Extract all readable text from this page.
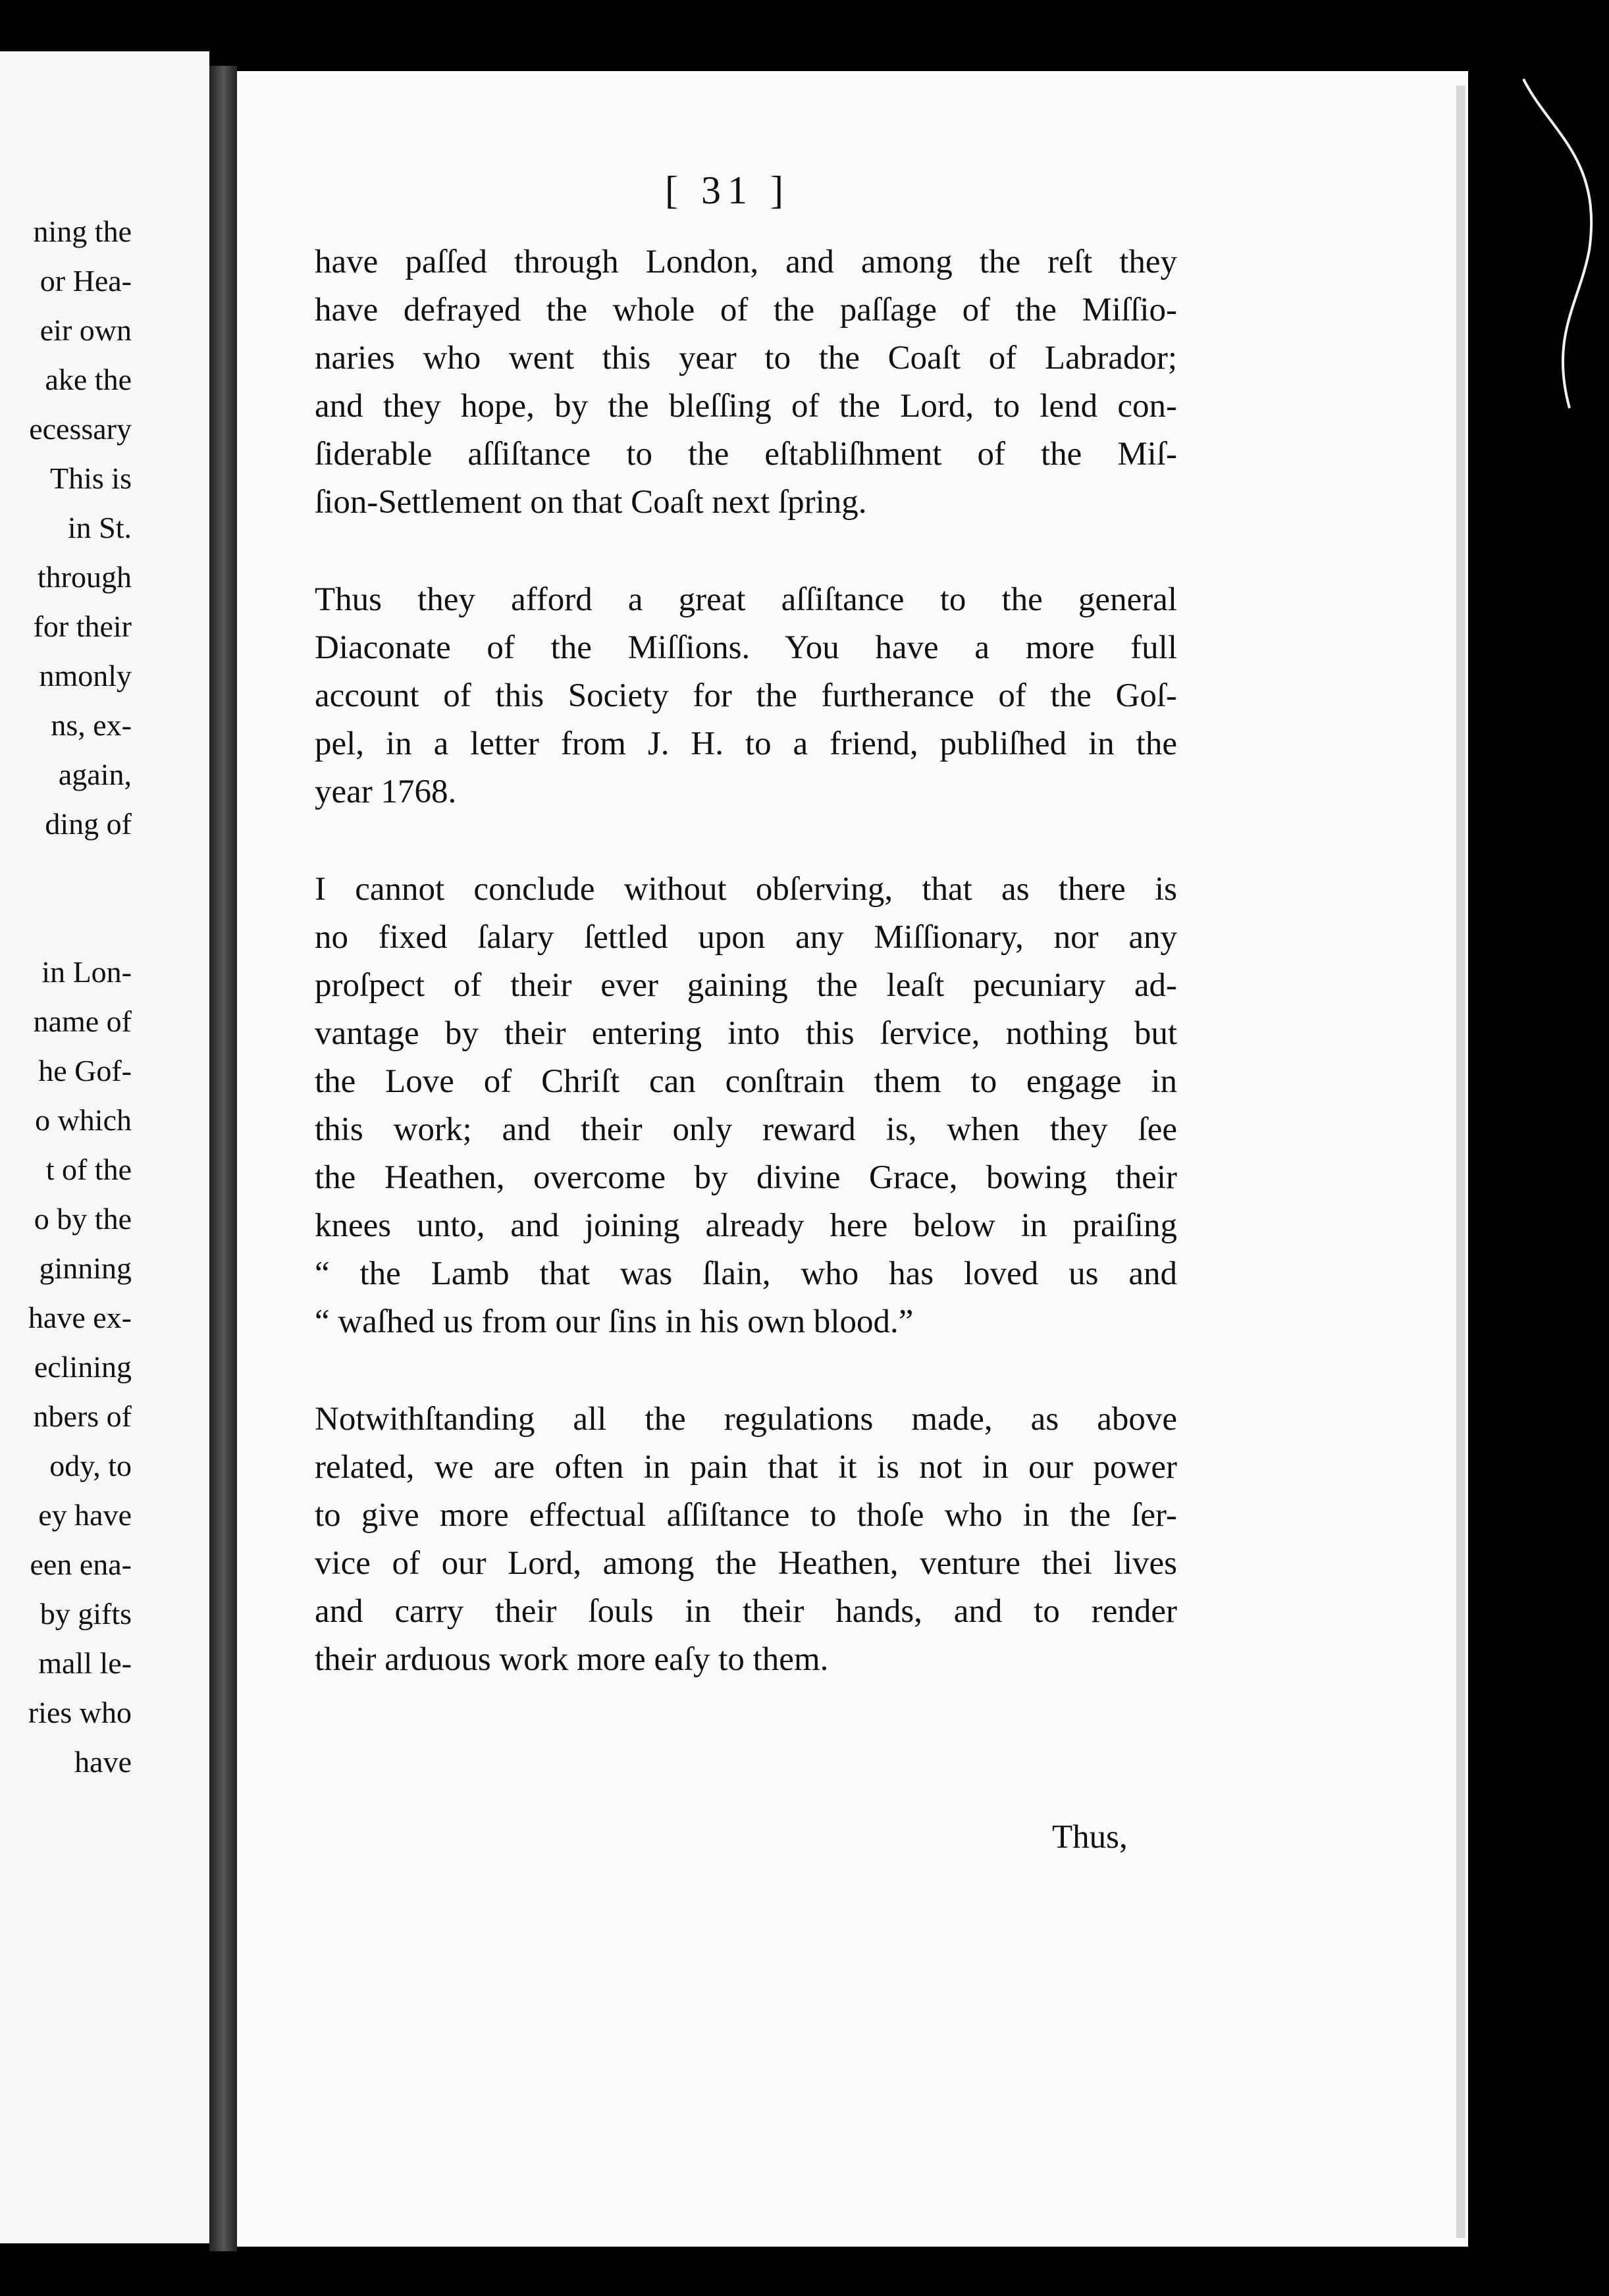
ning the
or Hea-
eir own
ake the
ecessary
This is
in St.
through
for their
nmonly
ns, ex-
again,
ding of
in Lon-
name of
he Gof-
o which
t of the
o by the
ginning
have ex-
eclining
nbers of
ody, to
ey have
een ena-
by gifts
mall le-
ries who
have
[ 31 ]
have paſſed through London, and among the reſt they
have defrayed the whole of the paſſage of the Miſſio-
naries who went this year to the Coaſt of Labrador;
and they hope, by the bleſſing of the Lord, to lend con-
ſiderable aſſiſtance to the eſtabliſhment of the Miſ-
ſion-Settlement on that Coaſt next ſpring.
Thus they afford a great aſſiſtance to the general
Diaconate of the Miſſions. You have a more full
account of this Society for the furtherance of the Goſ-
pel, in a letter from J. H. to a friend, publiſhed in the
year 1768.
I cannot conclude without obſerving, that as there is
no fixed ſalary ſettled upon any Miſſionary, nor any
proſpect of their ever gaining the leaſt pecuniary ad-
vantage by their entering into this ſervice, nothing but
the Love of Chriſt can conſtrain them to engage in
this work; and their only reward is, when they ſee
the Heathen, overcome by divine Grace, bowing their
knees unto, and joining already here below in praiſing
“ the Lamb that was ſlain, who has loved us and
“ waſhed us from our ſins in his own blood.”
Notwithſtanding all the regulations made, as above
related, we are often in pain that it is not in our power
to give more effectual aſſiſtance to thoſe who in the ſer-
vice of our Lord, among the Heathen, venture thei lives
and carry their ſouls in their hands, and to render
their arduous work more eaſy to them.
Thus,
